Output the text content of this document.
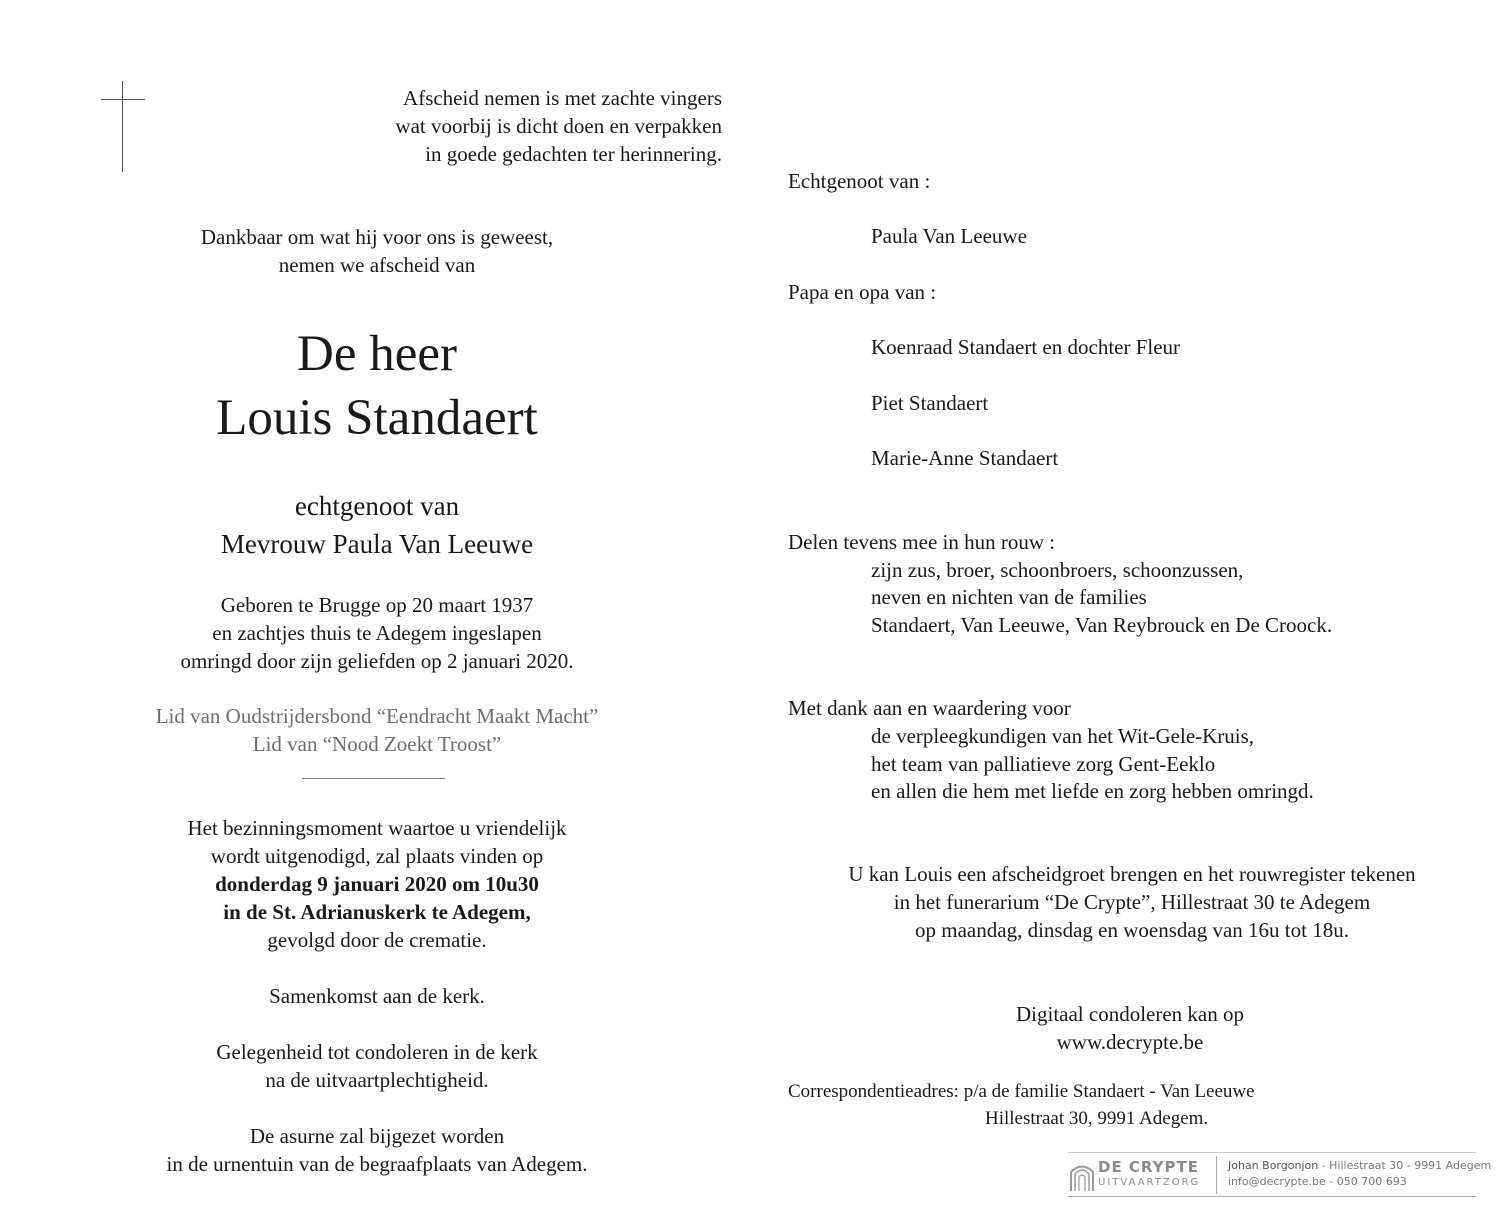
Afscheid nemen is met zachte vingers
wat voorbij is dicht doen en verpakken
in goede gedachten ter herinnering.
Dankbaar om wat hij voor ons is geweest,
nemen we afscheid van
De heer
Louis Standaert
echtgenoot van
Mevrouw Paula Van Leeuwe
Geboren te Brugge op 20 maart 1937
en zachtjes thuis te Adegem ingeslapen
omringd door zijn geliefden op 2 januari 2020.
Lid van Oudstrijdersbond “Eendracht Maakt Macht”
Lid van “Nood Zoekt Troost”
Het bezinningsmoment waartoe u vriendelijk
wordt uitgenodigd, zal plaats vinden op
donderdag 9 januari 2020 om 10u30
in de St. Adrianuskerk te Adegem,
gevolgd door de crematie.
Samenkomst aan de kerk.
Gelegenheid tot condoleren in de kerk
na de uitvaartplechtigheid.
De asurne zal bijgezet worden
in de urnentuin van de begraafplaats van Adegem.
Echtgenoot van :
Paula Van Leeuwe
Papa en opa van :
Koenraad Standaert en dochter Fleur
Piet Standaert
Marie-Anne Standaert
Delen tevens mee in hun rouw :
zijn zus, broer, schoonbroers, schoonzussen,
neven en nichten van de families
Standaert, Van Leeuwe, Van Reybrouck en De Croock.
Met dank aan en waardering voor
de verpleegkundigen van het Wit-Gele-Kruis,
het team van palliatieve zorg Gent-Eeklo
en allen die hem met liefde en zorg hebben omringd.
U kan Louis een afscheidgroet brengen en het rouwregister tekenen
in het funerarium “De Crypte”, Hillestraat 30 te Adegem
op maandag, dinsdag en woensdag van 16u tot 18u.
Digitaal condoleren kan op
www.decrypte.be
Correspondentieadres: p/a de familie Standaert - Van Leeuwe
Hillestraat 30, 9991 Adegem.
DE CRYPTE
UITVAARTZORG
Johan Borgonjon - Hillestraat 30 - 9991 Adegem
info@decrypte.be - 050 700 693
